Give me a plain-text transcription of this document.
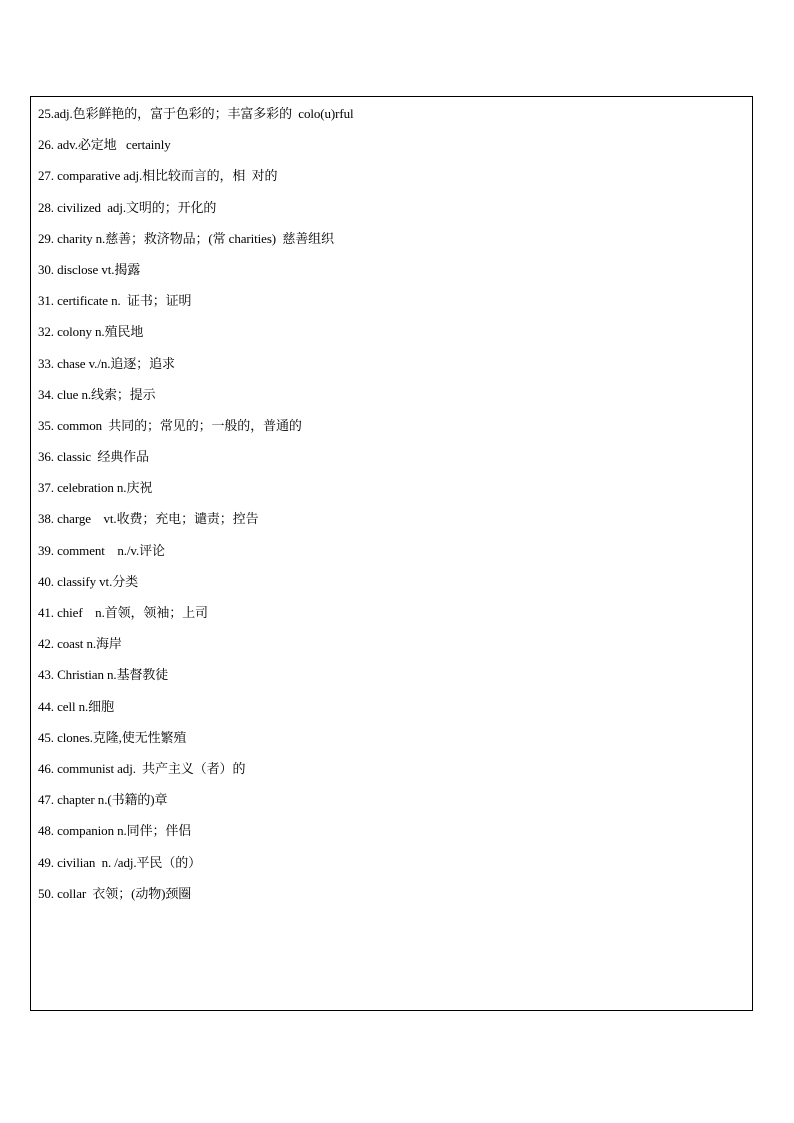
25.adj.色彩鲜艳的，富于色彩的；丰富多彩的  colo(u)rful
26. adv.必定地   certainly
27. comparative adj.相比较而言的，相  对的
28. civilized  adj.文明的；开化的
29. charity n.慈善；救济物品；(常 charities)  慈善组织
30. disclose vt.揭露
31. certificate n.  证书；证明
32. colony n.殖民地
33. chase v./n.追逐；追求
34. clue n.线索；提示
35. common  共同的；常见的；一般的，普通的
36. classic  经典作品
37. celebration n.庆祝
38. charge    vt.收费；充电；谴责；控告
39. comment    n./v.评论
40. classify vt.分类
41. chief    n.首领，领袖；上司
42. coast n.海岸
43. Christian n.基督教徒
44. cell n.细胞
45. clones.克隆,使无性繁殖
46. communist adj.  共产主义（者）的
47. chapter n.(书籍的)章
48. companion n.同伴；伴侣
49. civilian  n. /adj.平民（的）
50. collar  衣领；(动物)颈圈
